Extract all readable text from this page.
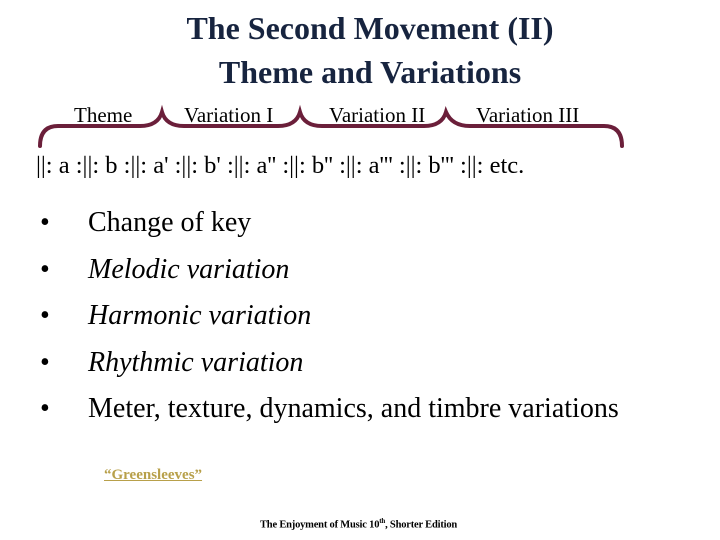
The Second Movement (II)
Theme and Variations
Theme Variation I	Variation II Variation III
||: a :||: b :||: a' :||: b' :||: a'' :||: b'' :||: a''' :||: b''' :||: etc.
•	Change of key
•	Melodic variation
•	Harmonic variation
•	Rhythmic variation
•	Meter, texture, dynamics, and timbre variations
“Greensleeves”
The Enjoyment of Music 10th, Shorter Edition
